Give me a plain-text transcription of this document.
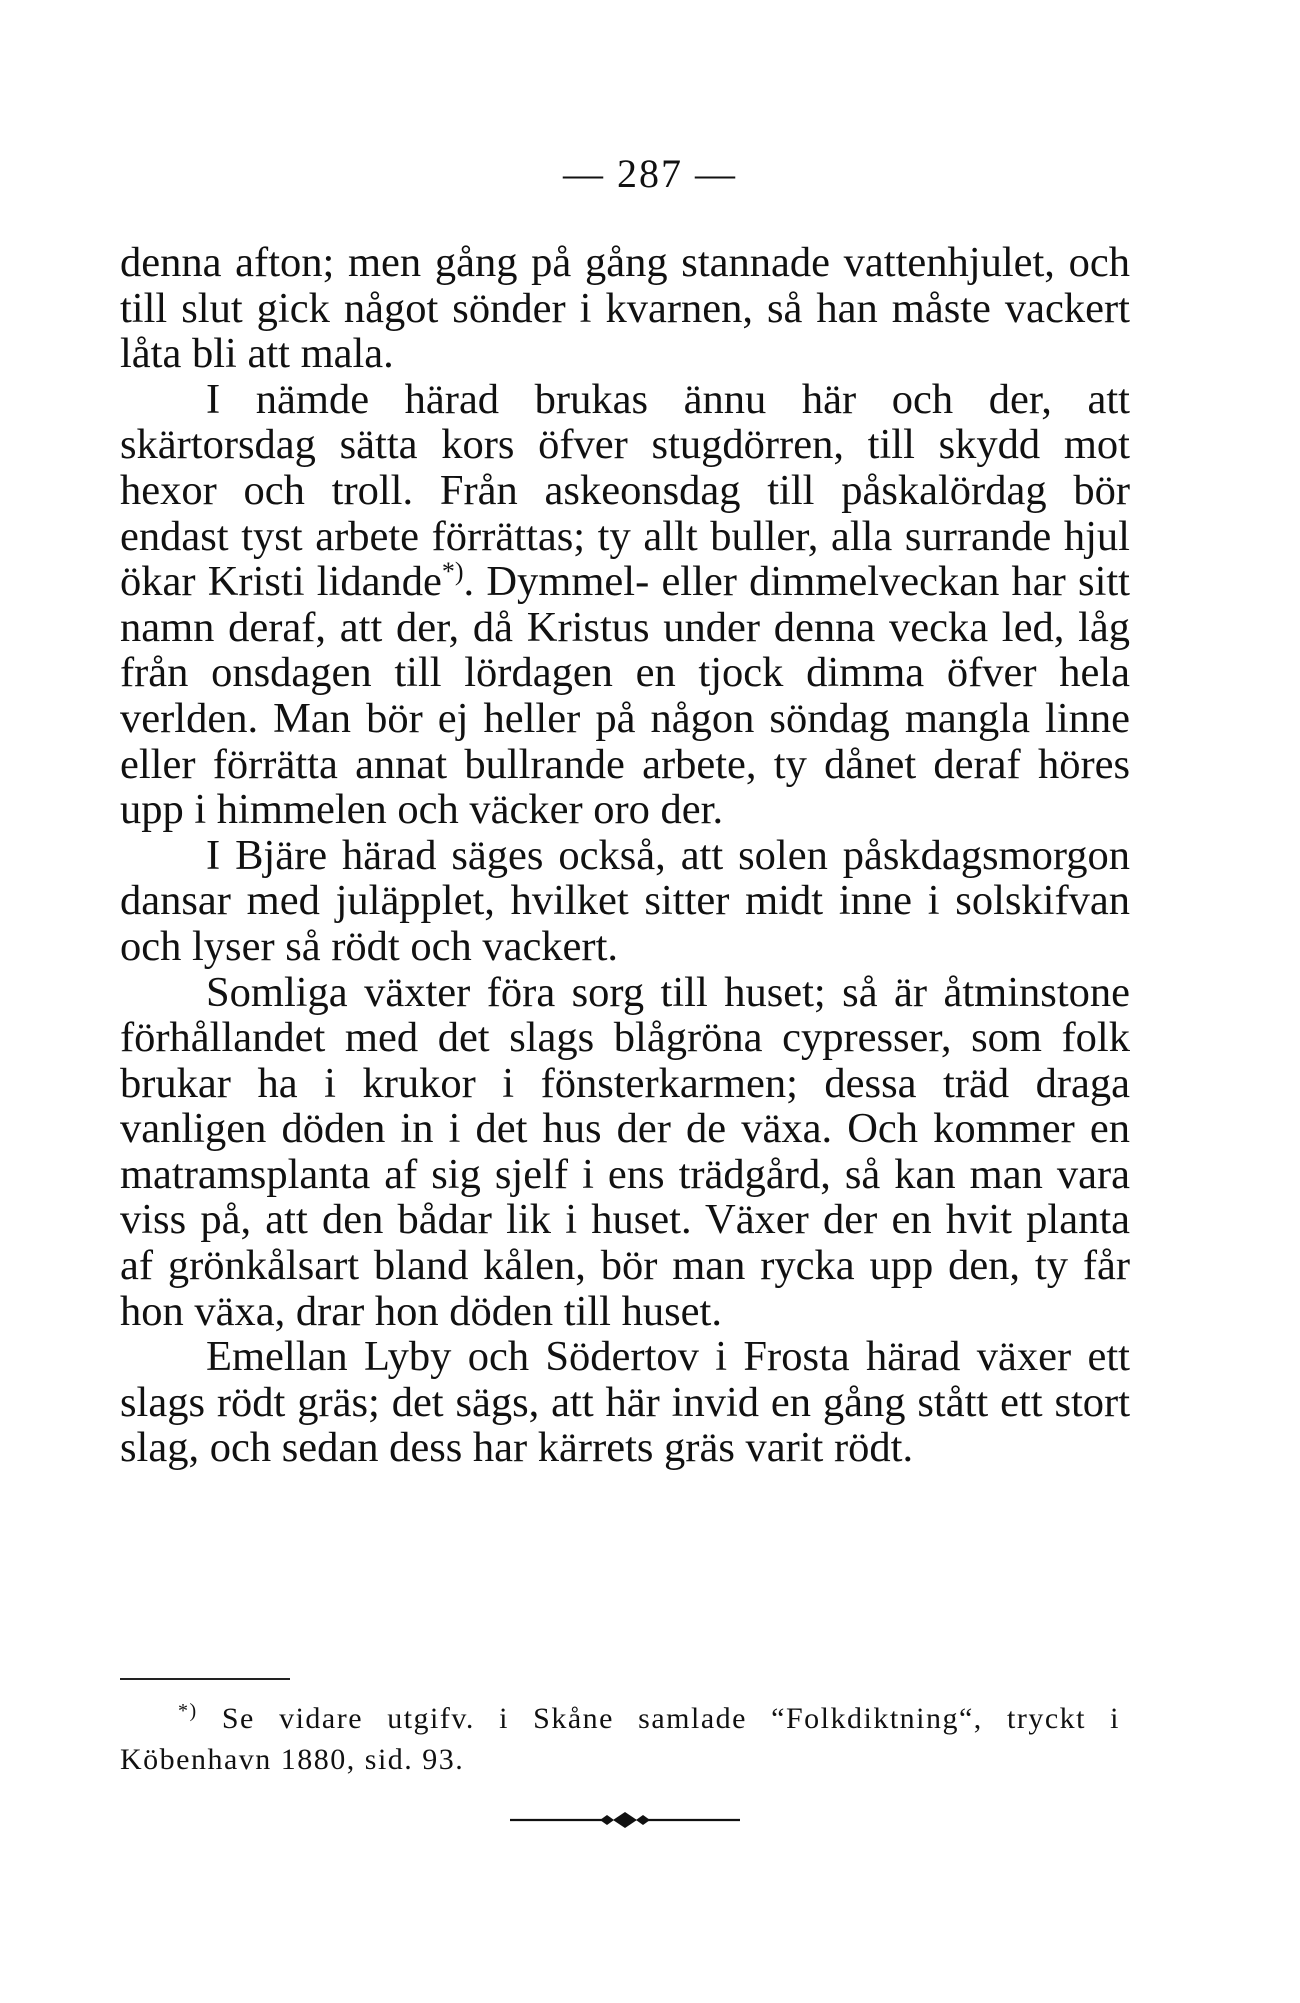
— 287 —

denna afton; men gång på gång stannade vattenhjulet, och till slut gick något sönder i kvarnen, så han måste vackert låta bli att mala.

I nämde härad brukas ännu här och der, att skärtorsdag sätta kors öfver stugdörren, till skydd mot hexor och troll. Från askeonsdag till påskalördag bör endast tyst arbete förrättas; ty allt buller, alla surrande hjul ökar Kristi lidande*). Dymmel- eller dimmelveckan har sitt namn deraf, att der, då Kristus under denna vecka led, låg från onsdagen till lördagen en tjock dimma öfver hela verlden. Man bör ej heller på någon söndag mangla linne eller förrätta annat bullrande arbete, ty dånet deraf höres upp i himmelen och väcker oro der.

I Bjäre härad säges också, att solen påskdagsmorgon dansar med juläpplet, hvilket sitter midt inne i solskifvan och lyser så rödt och vackert.

Somliga växter föra sorg till huset; så är åtminstone förhållandet med det slags blågröna cypresser, som folk brukar ha i krukor i fönsterkarmen; dessa träd draga vanligen döden in i det hus der de växa. Och kommer en matramsplanta af sig sjelf i ens trädgård, så kan man vara viss på, att den bådar lik i huset. Växer der en hvit planta af grönkålsart bland kålen, bör man rycka upp den, ty får hon växa, drar hon döden till huset.

Emellan Lyby och Södertov i Frosta härad växer ett slags rödt gräs; det sägs, att här invid en gång stått ett stort slag, och sedan dess har kärrets gräs varit rödt.

*) Se vidare utgifv. i Skåne samlade “Folkdiktning“, tryckt i Köbenhavn 1880, sid. 93.
